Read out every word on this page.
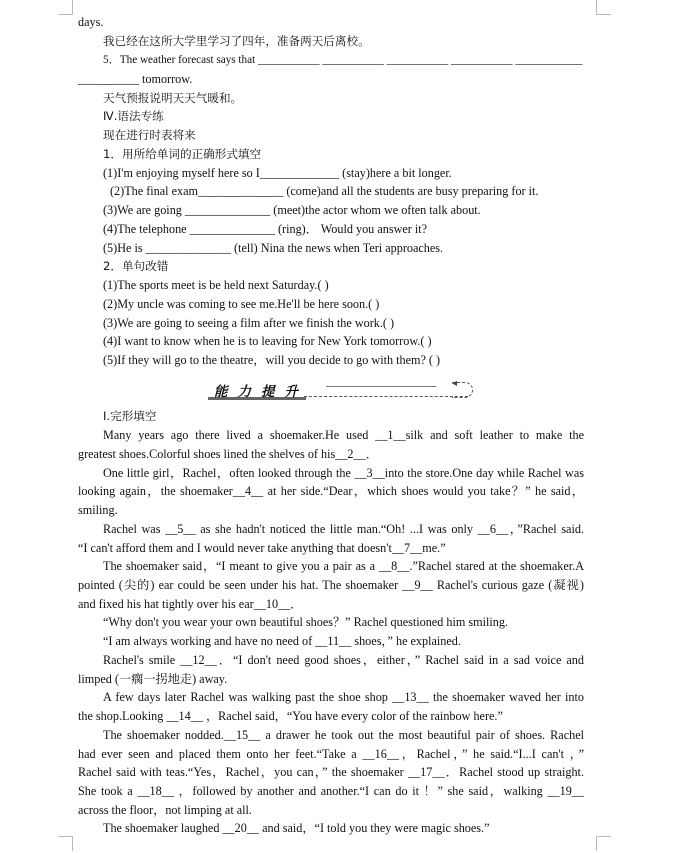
days.
我已经在这所大学里学习了四年，准备两天后离校。
5．The weather forecast says that ___________ ___________ ___________ ___________ ____________
__________ tomorrow.
天气预报说明天天气暖和。
Ⅳ.语法专练
现在进行时表将来
1．用所给单词的正确形式填空
(1)I'm enjoying myself here so I_____________ (stay)here a bit longer.
(2)The final exam______________ (come)and all the students are busy preparing for it.
(3)We are going ______________ (meet)the actor whom we often talk about.
(4)The telephone ______________ (ring)． Would you answer it?
(5)He is ______________ (tell) Nina the news when Teri approaches.
2．单句改错
(1)The sports meet is be held next Saturday.( )
(2)My uncle was coming to see me.He'll be here soon.( )
(3)We are going to seeing a film after we finish the work.( )
(4)I want to know when he is to leaving for New York tomorrow.( )
(5)If they will go to the theatre，will you decide to go with them? ( )
能力提升
◂
Ⅰ.完形填空
Many years ago there lived a shoemaker.He used __1__silk and soft leather to make the
greatest shoes.Colorful shoes lined the shelves of his__2__．
One little girl，Rachel，often looked through the __3__into the store.One day while Rachel was
looking again，the shoemaker__4__ at her side.“Dear，which shoes would you take？” he said，
smiling.
Rachel was __5__ as she hadn't noticed the little man.“Oh! ...I was only __6__，”Rachel said.
“I can't afford them and I would never take anything that doesn't__7__me.”
The shoemaker said，“I meant to give you a pair as a __8__.”Rachel stared at the shoemaker.A
pointed (尖的) ear could be seen under his hat. The shoemaker __9__ Rachel's curious gaze (凝视)
and fixed his hat tightly over his ear__10__．
“Why don't you wear your own beautiful shoes？” Rachel questioned him smiling.
“I am always working and have no need of __11__ shoes，” he explained.
Rachel's smile __12__．“I don't need good shoes，either，” Rachel said in a sad voice and
limped (一瘸一拐地走) away.
A few days later Rachel was walking past the shoe shop __13__ the shoemaker waved her into
the shop.Looking __14__ ，Rachel said，“You have every color of the rainbow here.”
The shoemaker nodded.__15__ a drawer he took out the most beautiful pair of shoes. Rachel
had ever seen and placed them onto her feet.“Take a __16__，Rachel，” he said.“I...I can't ，”
Rachel said with teas.“Yes，Rachel，you can，” the shoemaker __17__．Rachel stood up straight.
She took a __18__ ，followed by another and another.“I can do it ！” she said，walking __19__
across the floor，not limping at all.
The shoemaker laughed __20__ and said，“I told you they were magic shoes.”
